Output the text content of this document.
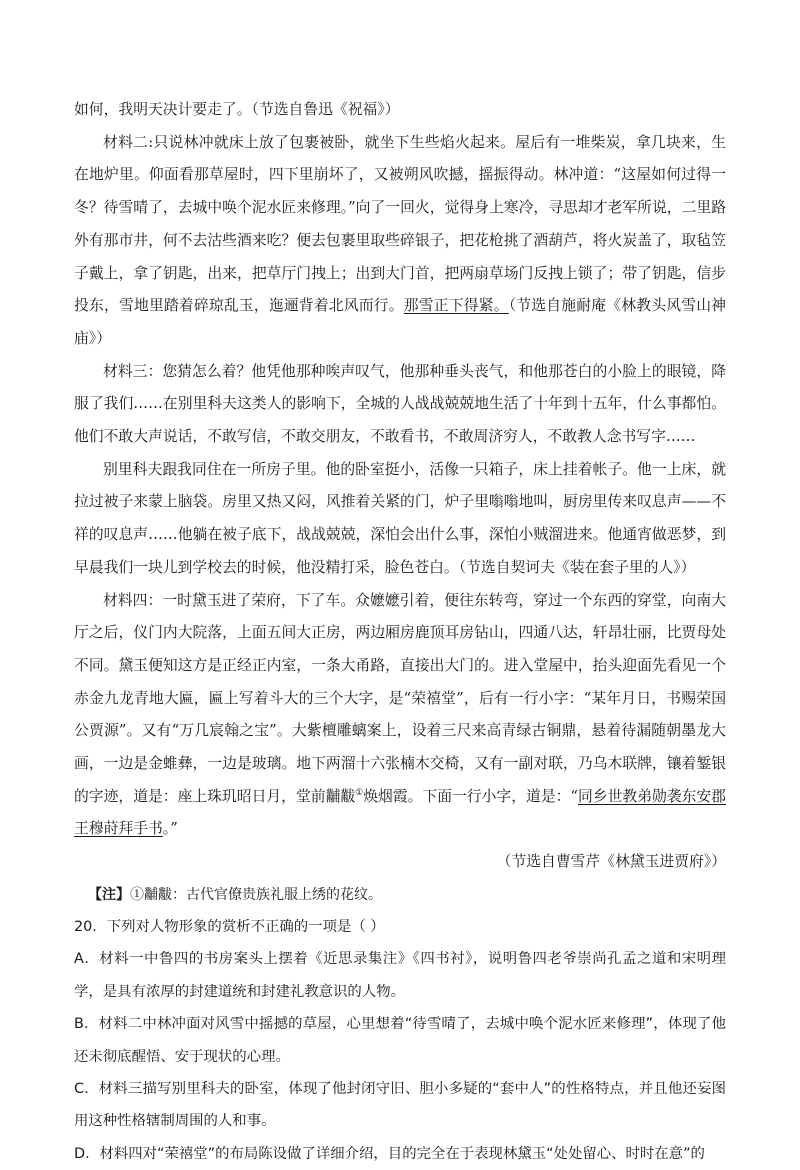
如何，我明天决计要走了。（节选自鲁迅《祝福》）

材料二:只说林冲就床上放了包裹被卧，就坐下生些焰火起来。屋后有一堆柴炭，拿几块来，生在地炉里。仰面看那草屋时，四下里崩坏了，又被朔风吹撼，摇振得动。林冲道：“这屋如何过得一冬？待雪晴了，去城中唤个泥水匠来修理。”向了一回火，觉得身上寒冷，寻思却才老军所说，二里路外有那市井，何不去沽些酒来吃？便去包裹里取些碎银子，把花枪挑了酒葫芦，将火炭盖了，取毡笠子戴上，拿了钥匙，出来，把草厅门拽上；出到大门首，把两扇草场门反拽上锁了；带了钥匙，信步投东，雪地里踏着碎琼乱玉，迤逦背着北风而行。那雪正下得紧。（节选自施耐庵《林教头风雪山神庙》）

材料三：您猜怎么着？他凭他那种唉声叹气，他那种垂头丧气，和他那苍白的小脸上的眼镜，降服了我们……在别里科夫这类人的影响下，全城的人战战兢兢地生活了十年到十五年，什么事都怕。他们不敢大声说话，不敢写信，不敢交朋友，不敢看书，不敢周济穷人，不敢教人念书写字……

别里科夫跟我同住在一所房子里。他的卧室挺小，活像一只箱子，床上挂着帐子。他一上床，就拉过被子来蒙上脑袋。房里又热又闷，风推着关紧的门，炉子里嗡嗡地叫，厨房里传来叹息声——不祥的叹息声……他躺在被子底下，战战兢兢，深怕会出什么事，深怕小贼溜进来。他通宵做恶梦，到早晨我们一块儿到学校去的时候，他没精打采，脸色苍白。（节选自契诃夫《装在套子里的人》）

材料四：一时黛玉进了荣府，下了车。众嬷嬷引着，便往东转弯，穿过一个东西的穿堂，向南大厅之后，仪门内大院落，上面五间大正房，两边厢房鹿顶耳房钻山，四通八达，轩昂壮丽，比贾母处不同。黛玉便知这方是正经正内室，一条大甬路，直接出大门的。进入堂屋中，抬头迎面先看见一个赤金九龙青地大匾，匾上写着斗大的三个大字，是“荣禧堂”，后有一行小字：“某年月日，书赐荣国公贾源”。又有“万几宸翰之宝”。大紫檀雕螭案上，设着三尺来高青绿古铜鼎，悬着待漏随朝墨龙大画，一边是金蜼彝，一边是玻璃。地下两溜十六张楠木交椅，又有一副对联，乃乌木联牌，镶着錾银的字迹，道是：座上珠玑昭日月，堂前黼黻①焕烟霞。下面一行小字，道是：“同乡世教弟勋袭东安郡王穆莳拜手书。”

（节选自曹雪芹《林黛玉进贾府》）

【注】①黼黻：古代官僚贵族礼服上绣的花纹。

20．下列对人物形象的赏析不正确的一项是（ ）

A．材料一中鲁四的书房案头上摆着《近思录集注》《四书衬》，说明鲁四老爷崇尚孔孟之道和宋明理学，是具有浓厚的封建道统和封建礼教意识的人物。

B．材料二中林冲面对风雪中摇撼的草屋，心里想着“待雪晴了，去城中唤个泥水匠来修理”，体现了他还未彻底醒悟、安于现状的心理。

C．材料三描写别里科夫的卧室，体现了他封闭守旧、胆小多疑的“套中人”的性格特点，并且他还妄图用这种性格辖制周围的人和事。

D．材料四对“荣禧堂”的布局陈设做了详细介绍，目的完全在于表现林黛玉“处处留心、时时在意”的
